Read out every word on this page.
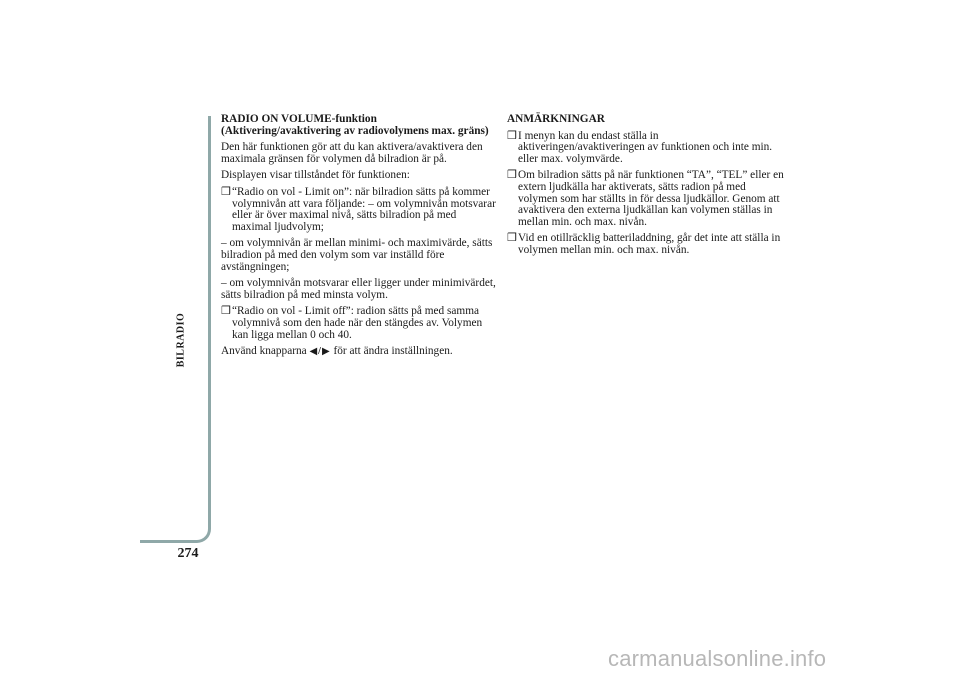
BILRADIO
274
RADIO ON VOLUME-funktion (Aktivering/avaktivering av radiovolymens max. gräns)

Den här funktionen gör att du kan aktivera/avaktivera den maximala gränsen för volymen då bilradion är på.

Displayen visar tillståndet för funktionen:

❒ “Radio on vol - Limit on”: när bilradion sätts på kommer volymnivån att vara följande: – om volymnivån motsvarar eller är över maximal nivå, sätts bilradion på med maximal ljudvolym;

– om volymnivån är mellan minimi- och maximivärde, sätts bilradion på med den volym som var inställd före avstängningen;

– om volymnivån motsvarar eller ligger under minimivärdet, sätts bilradion på med minsta volym.

❒ “Radio on vol - Limit off”: radion sätts på med samma volymnivå som den hade när den stängdes av. Volymen kan ligga mellan 0 och 40.

Använd knapparna ◀/▶ för att ändra inställningen.

ANMÄRKNINGAR
❒ I menyn kan du endast ställa in aktiveringen/avaktiveringen av funktionen och inte min. eller max. volymvärde.
❒ Om bilradion sätts på när funktionen “TA”, “TEL” eller en extern ljudkälla har aktiverats, sätts radion på med volymen som har ställts in för dessa ljudkällor. Genom att avaktivera den externa ljudkällan kan volymen ställas in mellan min. och max. nivån.
❒ Vid en otillräcklig batteriladdning, går det inte att ställa in volymen mellan min. och max. nivån.
carmanualsonline.info
